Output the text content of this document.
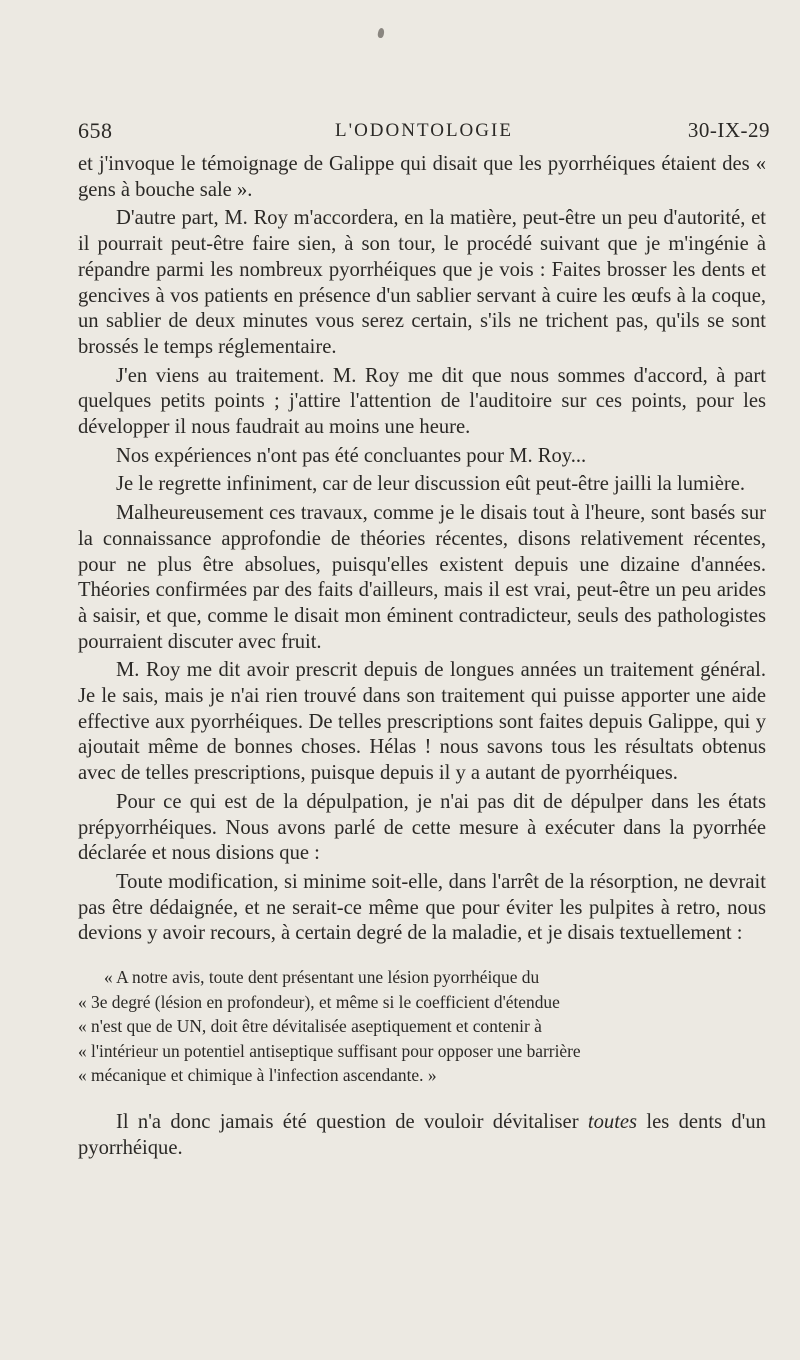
658	L'ODONTOLOGIE	30-IX-29

et j'invoque le témoignage de Galippe qui disait que les pyorrhéiques étaient des « gens à bouche sale ».

D'autre part, M. Roy m'accordera, en la matière, peut-être un peu d'autorité, et il pourrait peut-être faire sien, à son tour, le procédé suivant que je m'ingénie à répandre parmi les nombreux pyorrhéiques que je vois : Faites brosser les dents et gencives à vos patients en présence d'un sablier servant à cuire les œufs à la coque, un sablier de deux minutes vous serez certain, s'ils ne trichent pas, qu'ils se sont brossés le temps réglementaire.

J'en viens au traitement. M. Roy me dit que nous sommes d'accord, à part quelques petits points ; j'attire l'attention de l'auditoire sur ces points, pour les développer il nous faudrait au moins une heure.

Nos expériences n'ont pas été concluantes pour M. Roy...

Je le regrette infiniment, car de leur discussion eût peut-être jailli la lumière.

Malheureusement ces travaux, comme je le disais tout à l'heure, sont basés sur la connaissance approfondie de théories récentes, disons relativement récentes, pour ne plus être absolues, puisqu'elles existent depuis une dizaine d'années. Théories confirmées par des faits d'ailleurs, mais il est vrai, peut-être un peu arides à saisir, et que, comme le disait mon éminent contradicteur, seuls des pathologistes pourraient discuter avec fruit.

M. Roy me dit avoir prescrit depuis de longues années un traitement général. Je le sais, mais je n'ai rien trouvé dans son traitement qui puisse apporter une aide effective aux pyorrhéiques. De telles prescriptions sont faites depuis Galippe, qui y ajoutait même de bonnes choses. Hélas ! nous savons tous les résultats obtenus avec de telles prescriptions, puisque depuis il y a autant de pyorrhéiques.

Pour ce qui est de la dépulpation, je n'ai pas dit de dépulper dans les états prépyorrhéiques. Nous avons parlé de cette mesure à exécuter dans la pyorrhée déclarée et nous disions que :

Toute modification, si minime soit-elle, dans l'arrêt de la résorption, ne devrait pas être dédaignée, et ne serait-ce même que pour éviter les pulpites à retro, nous devions y avoir recours, à certain degré de la maladie, et je disais textuellement :

« A notre avis, toute dent présentant une lésion pyorrhéique du
« 3e degré (lésion en profondeur), et même si le coefficient d'étendue
« n'est que de UN, doit être dévitalisée aseptiquement et contenir à
« l'intérieur un potentiel antiseptique suffisant pour opposer une barrière
« mécanique et chimique à l'infection ascendante. »

Il n'a donc jamais été question de vouloir dévitaliser toutes les dents d'un pyorrhéique.
